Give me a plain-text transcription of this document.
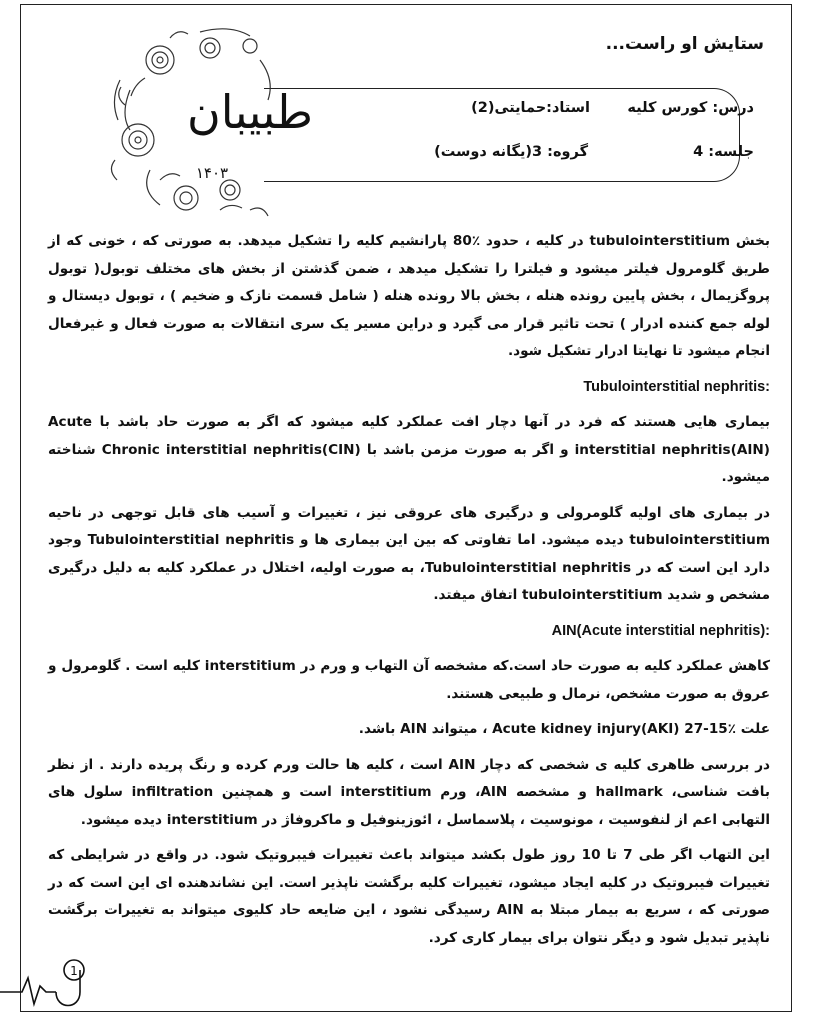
ستایش او راست...
درس: کورس کلیه
استاد:حمایتی(2)
جلسه: 4
گروه: 3(یگانه دوست)
طبیبان
۱۴۰۳

بخش tubulointerstitium در کلیه ، حدود ٪80 پارانشیم کلیه را تشکیل میدهد. به صورتی که ، خونی که از طریق گلومرول فیلتر میشود و فیلترا را تشکیل میدهد ، ضمن گذشتن از بخش های مختلف توبول( توبول پروگزیمال ، بخش پایین رونده هنله ، بخش بالا رونده هنله ( شامل قسمت نازک و ضخیم ) ، توبول دیستال و لوله جمع کننده ادرار ) تحت تاثیر قرار می گیرد و دراین مسیر یک سری انتقالات به صورت فعال و غیرفعال انجام میشود تا نهایتا ادرار تشکیل شود.

Tubulointerstitial nephritis:

بیماری هایی هستند که فرد در آنها دچار افت عملکرد کلیه میشود که اگر به صورت حاد باشد با Acute interstitial nephritis(AIN) و اگر به صورت مزمن باشد با Chronic interstitial nephritis(CIN) شناخته میشود.

در بیماری های اولیه گلومرولی و درگیری های عروقی نیز ، تغییرات و آسیب های قابل توجهی در ناحیه tubulointerstitium دیده میشود. اما تفاوتی که بین این بیماری ها و Tubulointerstitial nephritis وجود دارد این است که در Tubulointerstitial nephritis، به صورت اولیه، اختلال در عملکرد کلیه به دلیل درگیری مشخص و شدید tubulointerstitium اتفاق میفتد.

AIN(Acute interstitial nephritis):

کاهش عملکرد کلیه به صورت حاد است.که مشخصه آن التهاب و ورم در interstitium کلیه است . گلومرول و عروق به صورت مشخص، نرمال و طبیعی هستند.

علت ٪15-27 Acute kidney injury(AKI) ، میتواند AIN باشد.

در بررسی ظاهری کلیه ی شخصی که دچار AIN است ، کلیه ها حالت ورم کرده و رنگ پریده دارند . از نظر بافت شناسی، hallmark و مشخصه AIN، ورم interstitium است و همچنین infiltration سلول های التهابی اعم از لنفوسیت ، مونوسیت ، پلاسماسل ، ائوزینوفیل و ماکروفاژ در interstitium دیده میشود.

این التهاب اگر طی 7 تا 10 روز طول بکشد میتواند باعث تغییرات فیبروتیک شود. در واقع در شرایطی که تغییرات فیبروتیک در کلیه ایجاد میشود، تغییرات کلیه برگشت ناپذیر است. این نشاندهنده ای این است که در صورتی که ، سریع به بیمار مبتلا به AIN رسیدگی نشود ، این ضایعه حاد کلیوی میتواند به تغییرات برگشت ناپذیر تبدیل شود و دیگر نتوان برای بیمار کاری کرد.

1
